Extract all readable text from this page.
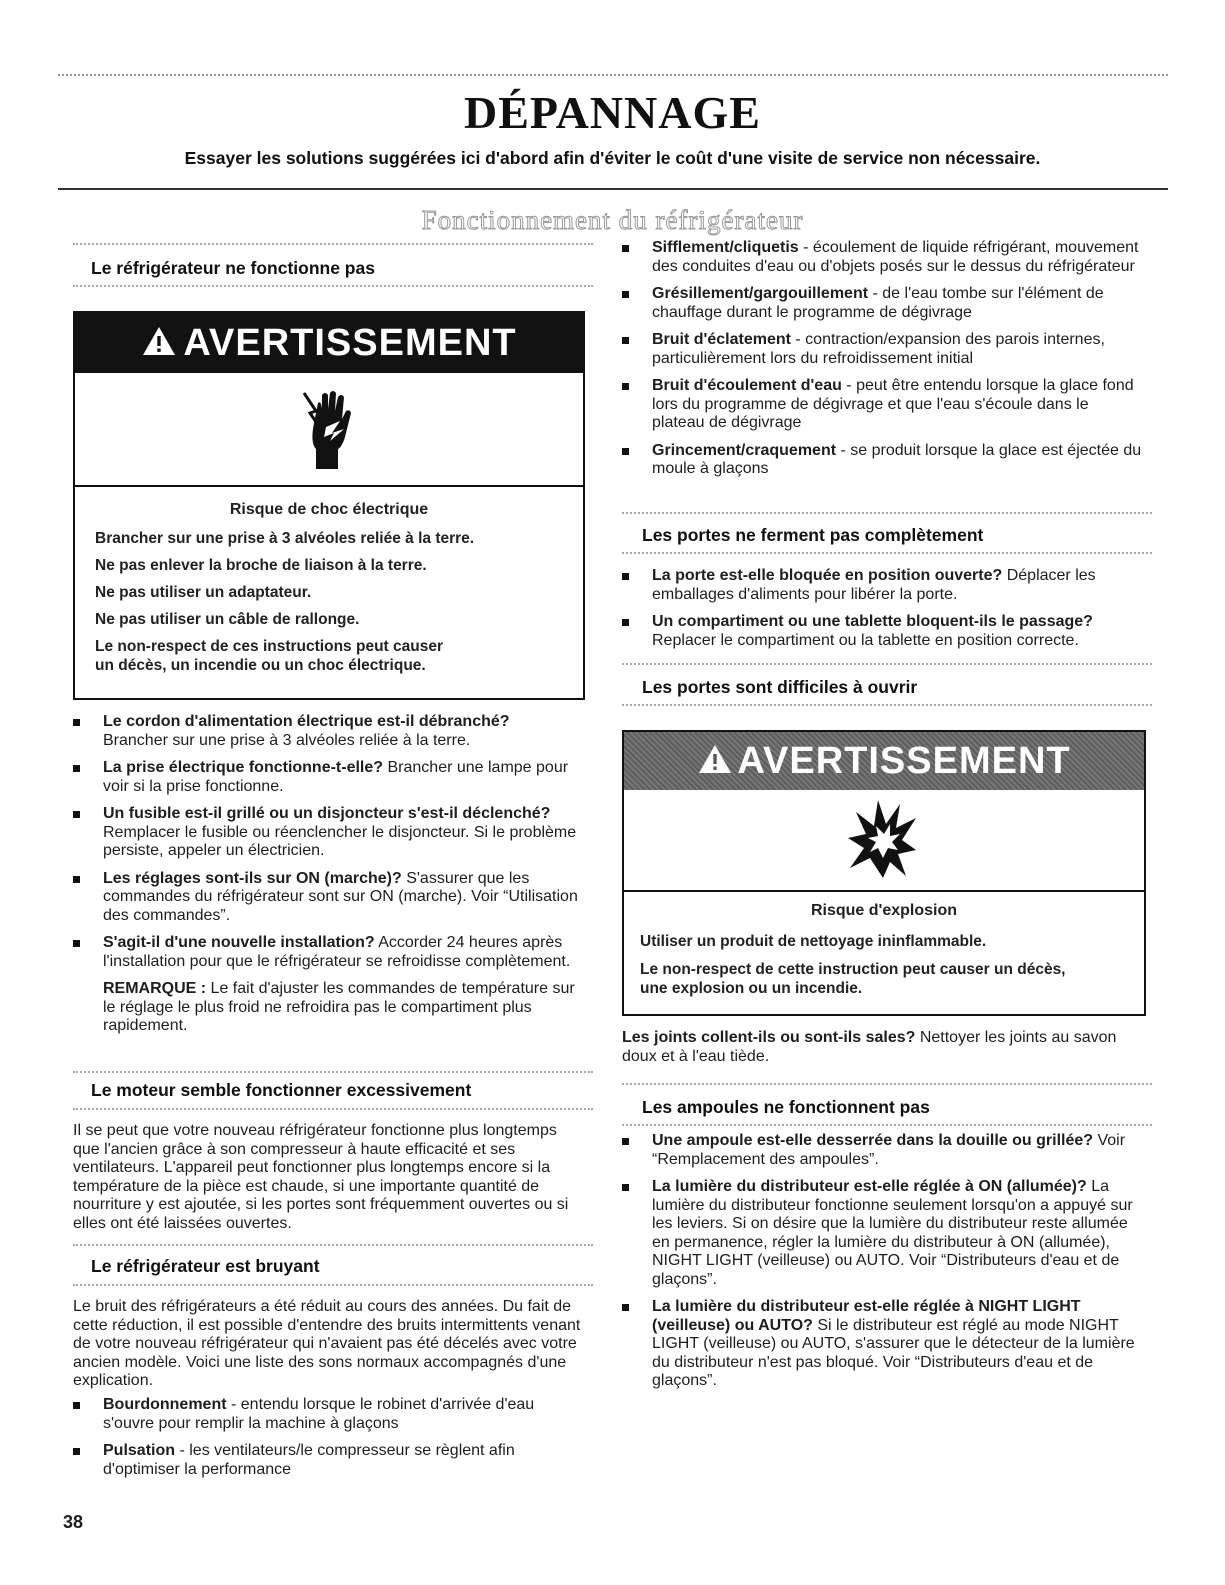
DÉPANNAGE
Essayer les solutions suggérées ici d'abord afin d'éviter le coût d'une visite de service non nécessaire.
Fonctionnement du réfrigérateur
Le réfrigérateur ne fonctionne pas
AVERTISSEMENT
Risque de choc électrique
Brancher sur une prise à 3 alvéoles reliée à la terre.
Ne pas enlever la broche de liaison à la terre.
Ne pas utiliser un adaptateur.
Ne pas utiliser un câble de rallonge.
Le non-respect de ces instructions peut causer
un décès, un incendie ou un choc électrique.
Le cordon d'alimentation électrique est-il débranché?
Brancher sur une prise à 3 alvéoles reliée à la terre.
La prise électrique fonctionne-t-elle? Brancher une lampe pour voir si la prise fonctionne.
Un fusible est-il grillé ou un disjoncteur s'est-il déclenché? Remplacer le fusible ou réenclencher le disjoncteur. Si le problème persiste, appeler un électricien.
Les réglages sont-ils sur ON (marche)? S'assurer que les commandes du réfrigérateur sont sur ON (marche). Voir “Utilisation des commandes”.
S'agit-il d'une nouvelle installation? Accorder 24 heures après l'installation pour que le réfrigérateur se refroidisse complètement.
REMARQUE : Le fait d'ajuster les commandes de température sur le réglage le plus froid ne refroidira pas le compartiment plus rapidement.
Le moteur semble fonctionner excessivement
Il se peut que votre nouveau réfrigérateur fonctionne plus longtemps que l'ancien grâce à son compresseur à haute efficacité et ses ventilateurs. L'appareil peut fonctionner plus longtemps encore si la température de la pièce est chaude, si une importante quantité de nourriture y est ajoutée, si les portes sont fréquemment ouvertes ou si elles ont été laissées ouvertes.
Le réfrigérateur est bruyant
Le bruit des réfrigérateurs a été réduit au cours des années. Du fait de cette réduction, il est possible d'entendre des bruits intermittents venant de votre nouveau réfrigérateur qui n'avaient pas été décelés avec votre ancien modèle. Voici une liste des sons normaux accompagnés d'une explication.
Bourdonnement - entendu lorsque le robinet d'arrivée d'eau s'ouvre pour remplir la machine à glaçons
Pulsation - les ventilateurs/le compresseur se règlent afin d'optimiser la performance
38
Sifflement/cliquetis - écoulement de liquide réfrigérant, mouvement des conduites d'eau ou d'objets posés sur le dessus du réfrigérateur
Grésillement/gargouillement - de l'eau tombe sur l'élément de chauffage durant le programme de dégivrage
Bruit d'éclatement - contraction/expansion des parois internes, particulièrement lors du refroidissement initial
Bruit d'écoulement d'eau - peut être entendu lorsque la glace fond lors du programme de dégivrage et que l'eau s'écoule dans le plateau de dégivrage
Grincement/craquement - se produit lorsque la glace est éjectée du moule à glaçons
Les portes ne ferment pas complètement
La porte est-elle bloquée en position ouverte? Déplacer les emballages d'aliments pour libérer la porte.
Un compartiment ou une tablette bloquent-ils le passage? Replacer le compartiment ou la tablette en position correcte.
Les portes sont difficiles à ouvrir
AVERTISSEMENT
Risque d'explosion
Utiliser un produit de nettoyage ininflammable.
Le non-respect de cette instruction peut causer un décès,
une explosion ou un incendie.
Les joints collent-ils ou sont-ils sales? Nettoyer les joints au savon doux et à l'eau tiède.
Les ampoules ne fonctionnent pas
Une ampoule est-elle desserrée dans la douille ou grillée? Voir “Remplacement des ampoules”.
La lumière du distributeur est-elle réglée à ON (allumée)? La lumière du distributeur fonctionne seulement lorsqu'on a appuyé sur les leviers. Si on désire que la lumière du distributeur reste allumée en permanence, régler la lumière du distributeur à ON (allumée), NIGHT LIGHT (veilleuse) ou AUTO. Voir “Distributeurs d'eau et de glaçons”.
La lumière du distributeur est-elle réglée à NIGHT LIGHT (veilleuse) ou AUTO? Si le distributeur est réglé au mode NIGHT LIGHT (veilleuse) ou AUTO, s'assurer que le détecteur de la lumière du distributeur n'est pas bloqué. Voir “Distributeurs d'eau et de glaçons”.
